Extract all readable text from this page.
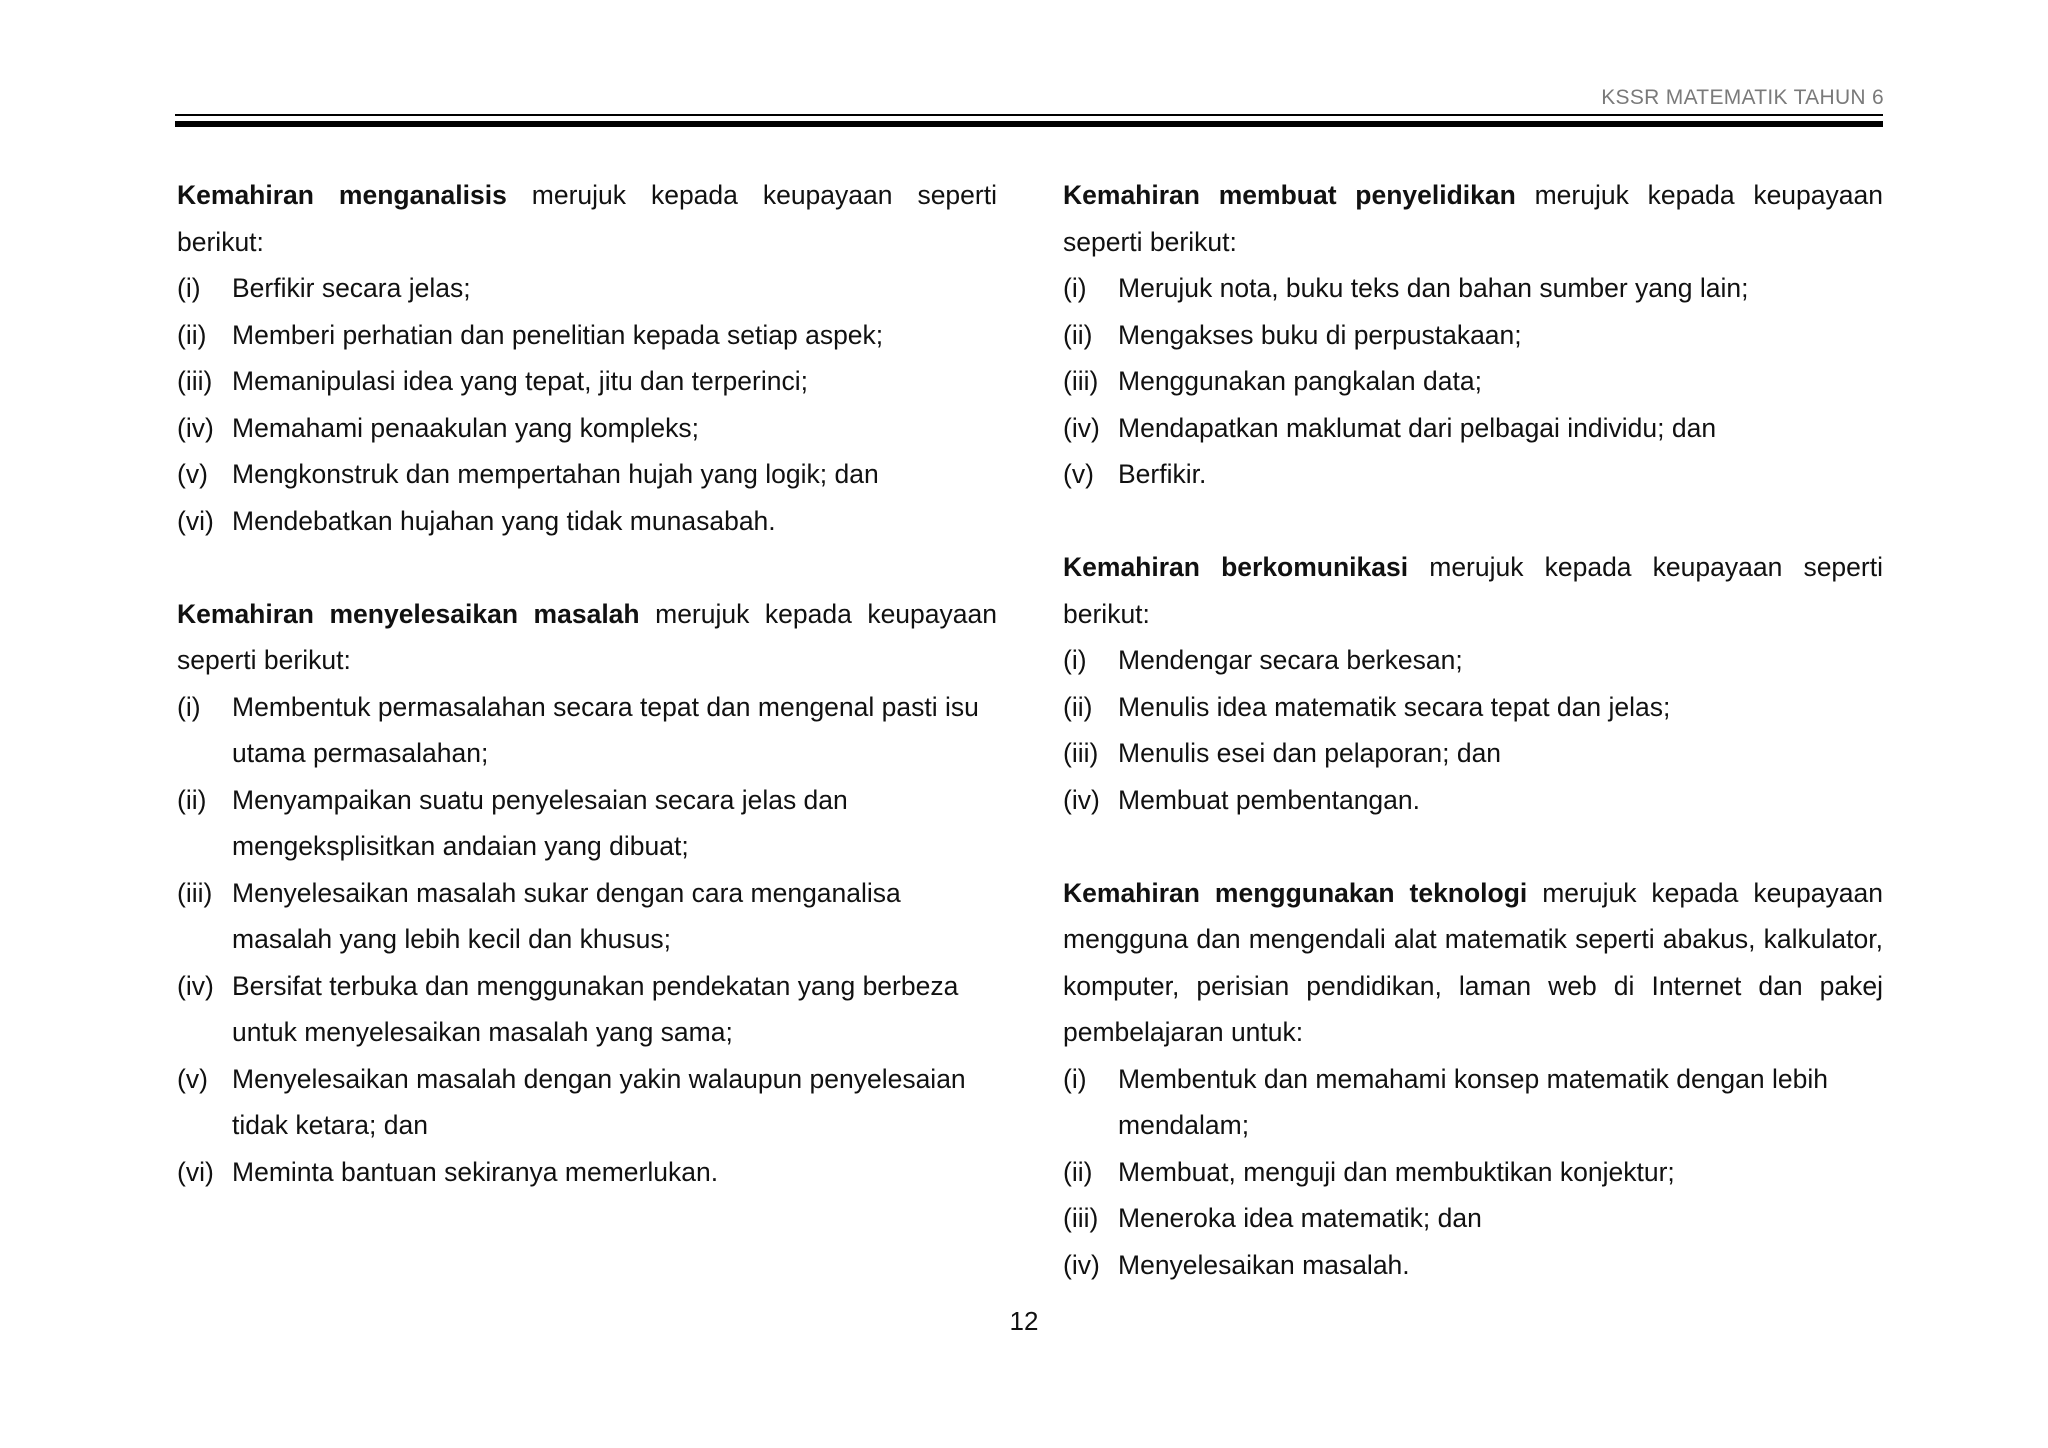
KSSR MATEMATIK TAHUN 6
Kemahiran menganalisis merujuk kepada keupayaan seperti berikut:
(i) Berfikir secara jelas;
(ii) Memberi perhatian dan penelitian kepada setiap aspek;
(iii) Memanipulasi idea yang tepat, jitu dan terperinci;
(iv) Memahami penaakulan yang kompleks;
(v) Mengkonstruk dan mempertahan hujah yang logik; dan
(vi) Mendebatkan hujahan yang tidak munasabah.
Kemahiran menyelesaikan masalah merujuk kepada keupayaan seperti berikut:
(i) Membentuk permasalahan secara tepat dan mengenal pasti isu utama permasalahan;
(ii) Menyampaikan suatu penyelesaian secara jelas dan mengeksplisitkan andaian yang dibuat;
(iii) Menyelesaikan masalah sukar dengan cara menganalisa masalah yang lebih kecil dan khusus;
(iv) Bersifat terbuka dan menggunakan pendekatan yang berbeza untuk menyelesaikan masalah yang sama;
(v) Menyelesaikan masalah dengan yakin walaupun penyelesaian tidak ketara; dan
(vi) Meminta bantuan sekiranya memerlukan.
Kemahiran membuat penyelidikan merujuk kepada keupayaan seperti berikut:
(i) Merujuk nota, buku teks dan bahan sumber yang lain;
(ii) Mengakses buku di perpustakaan;
(iii) Menggunakan pangkalan data;
(iv) Mendapatkan maklumat dari pelbagai individu; dan
(v) Berfikir.
Kemahiran berkomunikasi merujuk kepada keupayaan seperti berikut:
(i) Mendengar secara berkesan;
(ii) Menulis idea matematik secara tepat dan jelas;
(iii) Menulis esei dan pelaporan; dan
(iv) Membuat pembentangan.
Kemahiran menggunakan teknologi merujuk kepada keupayaan mengguna dan mengendali alat matematik seperti abakus, kalkulator, komputer, perisian pendidikan, laman web di Internet dan pakej pembelajaran untuk:
(i) Membentuk dan memahami konsep matematik dengan lebih mendalam;
(ii) Membuat, menguji dan membuktikan konjektur;
(iii) Meneroka idea matematik; dan
(iv) Menyelesaikan masalah.
12
